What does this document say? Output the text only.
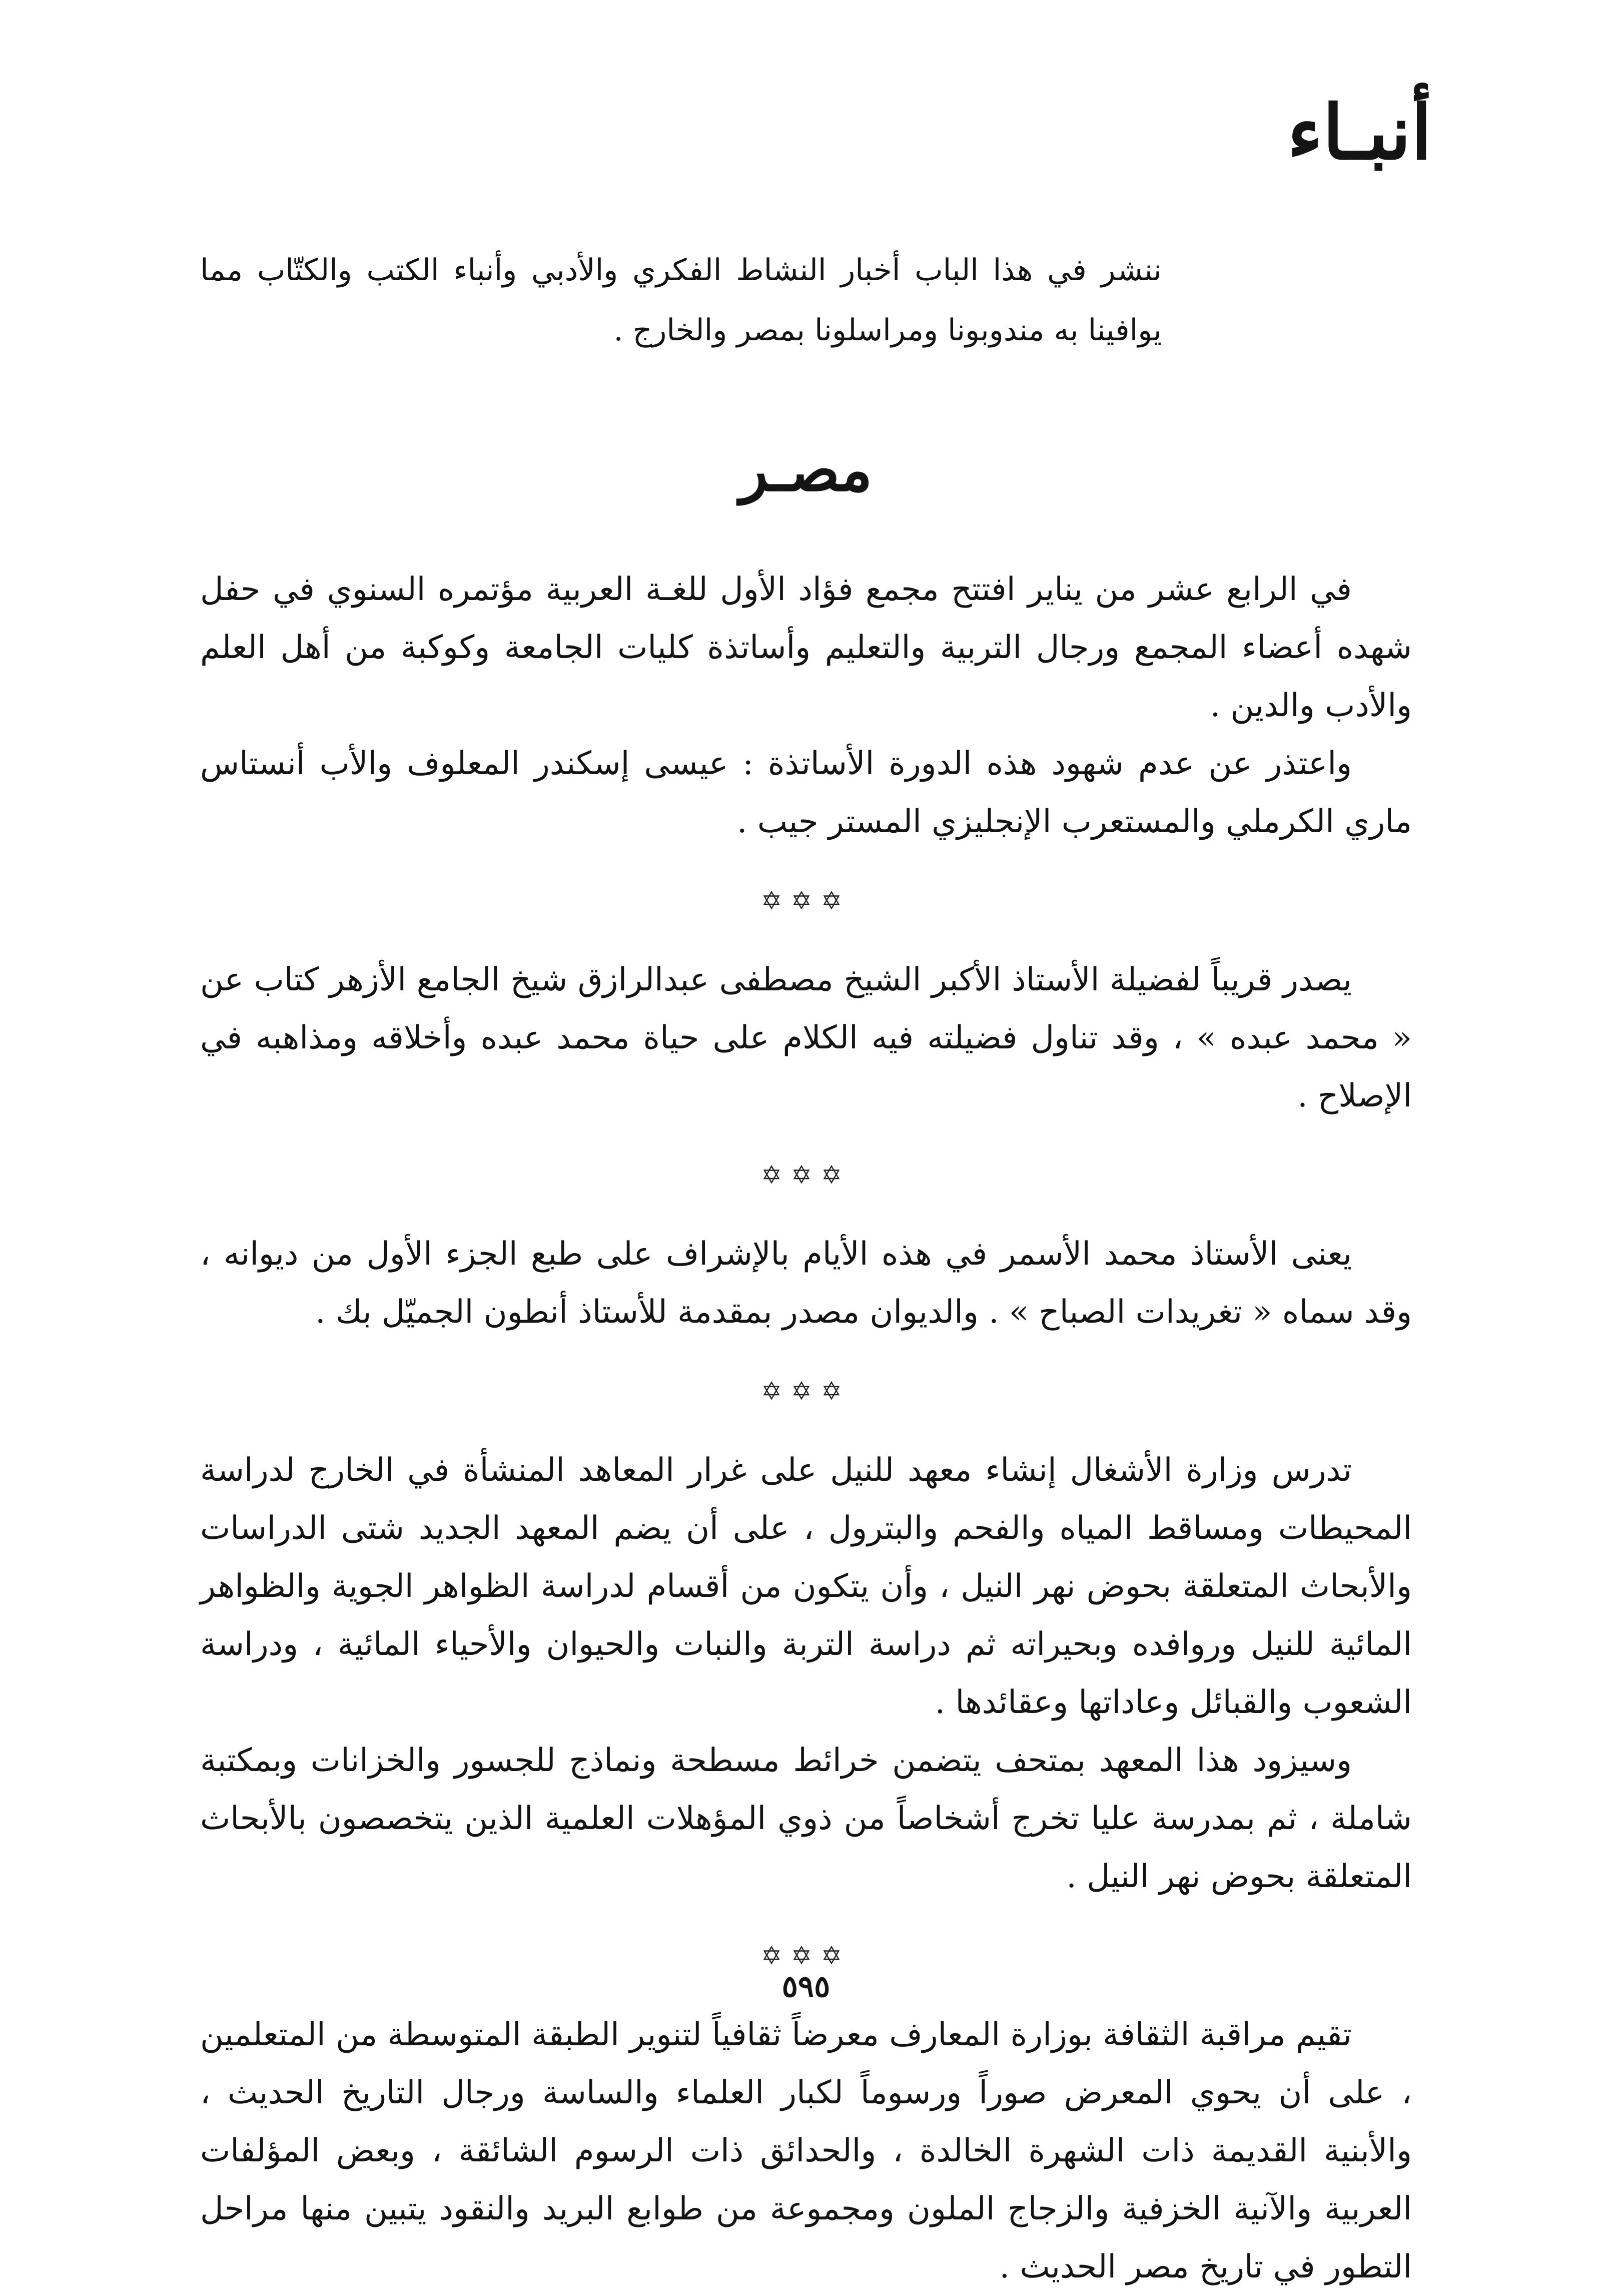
أنبـاء
ننشر في هذا الباب أخبار النشاط الفكري والأدبي وأنباء الكتب والكتّاب مما يوافينا به مندوبونا ومراسلونا بمصر والخارج .
مصـر

في الرابع عشر من يناير افتتح مجمع فؤاد الأول للغـة العربية مؤتمره السنوي في حفل شهده أعضاء المجمع ورجال التربية والتعليم وأساتذة كليات الجامعة وكوكبة من أهل العلم والأدب والدين .

واعتذر عن عدم شهود هذه الدورة الأساتذة : عيسى إسكندر المعلوف والأب أنستاس ماري الكرملي والمستعرب الإنجليزي المستر جيب .

✡✡✡

يصدر قريباً لفضيلة الأستاذ الأكبر الشيخ مصطفى عبدالرازق شيخ الجامع الأزهر كتاب عن « محمد عبده » ، وقد تناول فضيلته فيه الكلام على حياة محمد عبده وأخلاقه ومذاهبه في الإصلاح .

✡✡✡

يعنى الأستاذ محمد الأسمر في هذه الأيام بالإشراف على طبع الجزء الأول من ديوانه ، وقد سماه « تغريدات الصباح » . والديوان مصدر بمقدمة للأستاذ أنطون الجميّل بك .

✡✡✡

تدرس وزارة الأشغال إنشاء معهد للنيل على غرار المعاهد المنشأة في الخارج لدراسة المحيطات ومساقط المياه والفحم والبترول ، على أن يضم المعهد الجديد شتى الدراسات والأبحاث المتعلقة بحوض نهر النيل ، وأن يتكون من أقسام لدراسة الظواهر الجوية والظواهر المائية للنيل وروافده وبحيراته ثم دراسة التربة والنبات والحيوان والأحياء المائية ، ودراسة الشعوب والقبائل وعاداتها وعقائدها .

وسيزود هذا المعهد بمتحف يتضمن خرائط مسطحة ونماذج للجسور والخزانات وبمكتبة شاملة ، ثم بمدرسة عليا تخرج أشخاصاً من ذوي المؤهلات العلمية الذين يتخصصون بالأبحاث المتعلقة بحوض نهر النيل .

✡✡✡

تقيم مراقبة الثقافة بوزارة المعارف معرضاً ثقافياً لتنوير الطبقة المتوسطة من المتعلمين ، على أن يحوي المعرض صوراً ورسوماً لكبار العلماء والساسة ورجال التاريخ الحديث ، والأبنية القديمة ذات الشهرة الخالدة ، والحدائق ذات الرسوم الشائقة ، وبعض المؤلفات العربية والآنية الخزفية والزجاج الملون ومجموعة من طوابع البريد والنقود يتبين منها مراحل التطور في تاريخ مصر الحديث .

٥٩٥
